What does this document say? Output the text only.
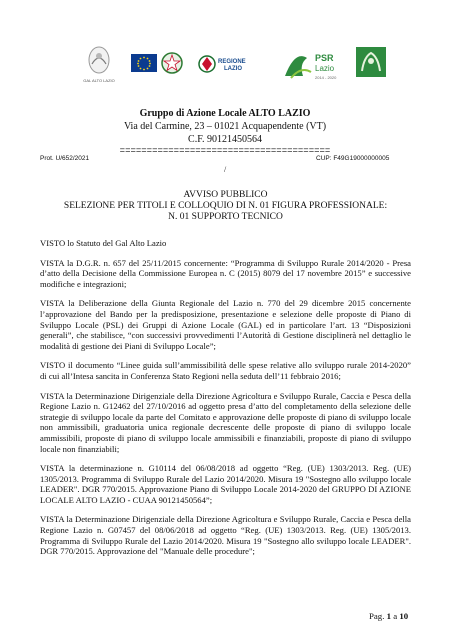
GAL ALTO LAZIO
REGIONE
LAZIO
PSR
Lazio
2014 - 2020
Gruppo di Azione Locale ALTO LAZIO
Via del Carmine, 23 – 01021 Acquapendente (VT)
C.F. 90121450564
=======================================
Prot. U/652/2021	CUP: F49G19000000005
/
AVVISO PUBBLICO
SELEZIONE PER TITOLI E COLLOQUIO DI N. 01 FIGURA PROFESSIONALE:
N. 01 SUPPORTO TECNICO

VISTO lo Statuto del Gal Alto Lazio

VISTA la D.G.R. n. 657 del 25/11/2015 concernente: “Programma di Sviluppo Rurale 2014/2020 - Presa d’atto della Decisione della Commissione Europea n. C (2015) 8079 del 17 novembre 2015” e successive modifiche e integrazioni;

VISTA la Deliberazione della Giunta Regionale del Lazio n. 770 del 29 dicembre 2015 concernente l’approvazione del Bando per la predisposizione, presentazione e selezione delle proposte di Piano di Sviluppo Locale (PSL) dei Gruppi di Azione Locale (GAL) ed in particolare l’art. 13 “Disposizioni generali”, che stabilisce, “con successivi provvedimenti l’Autorità di Gestione disciplinerà nel dettaglio le modalità di gestione dei Piani di Sviluppo Locale”;

VISTO il documento “Linee guida sull’ammissibilità delle spese relative allo sviluppo rurale 2014-2020” di cui all’Intesa sancita in Conferenza Stato Regioni nella seduta dell’11 febbraio 2016;

VISTA la Determinazione Dirigenziale della Direzione Agricoltura e Sviluppo Rurale, Caccia e Pesca della Regione Lazio n. G12462 del 27/10/2016 ad oggetto presa d’atto del completamento della selezione delle strategie di sviluppo locale da parte del Comitato e approvazione delle proposte di piano di sviluppo locale non ammissibili, graduatoria unica regionale decrescente delle proposte di piano di sviluppo locale ammissibili, proposte di piano di sviluppo locale ammissibili e finanziabili, proposte di piano di sviluppo locale non finanziabili;

VISTA la determinazione n. G10114 del 06/08/2018 ad oggetto “Reg. (UE) 1303/2013. Reg. (UE) 1305/2013. Programma di Sviluppo Rurale del Lazio 2014/2020. Misura 19 "Sostegno allo sviluppo locale LEADER". DGR 770/2015. Approvazione Piano di Sviluppo Locale 2014-2020 del GRUPPO DI AZIONE LOCALE ALTO LAZIO - CUAA 90121450564”;

VISTA la Determinazione Dirigenziale della Direzione Agricoltura e Sviluppo Rurale, Caccia e Pesca della Regione Lazio n. G07457 del 08/06/2018 ad oggetto “Reg. (UE) 1303/2013. Reg. (UE) 1305/2013. Programma di Sviluppo Rurale del Lazio 2014/2020. Misura 19 "Sostegno allo sviluppo locale LEADER". DGR 770/2015. Approvazione del "Manuale delle procedure";

Pag. 1 a 10
